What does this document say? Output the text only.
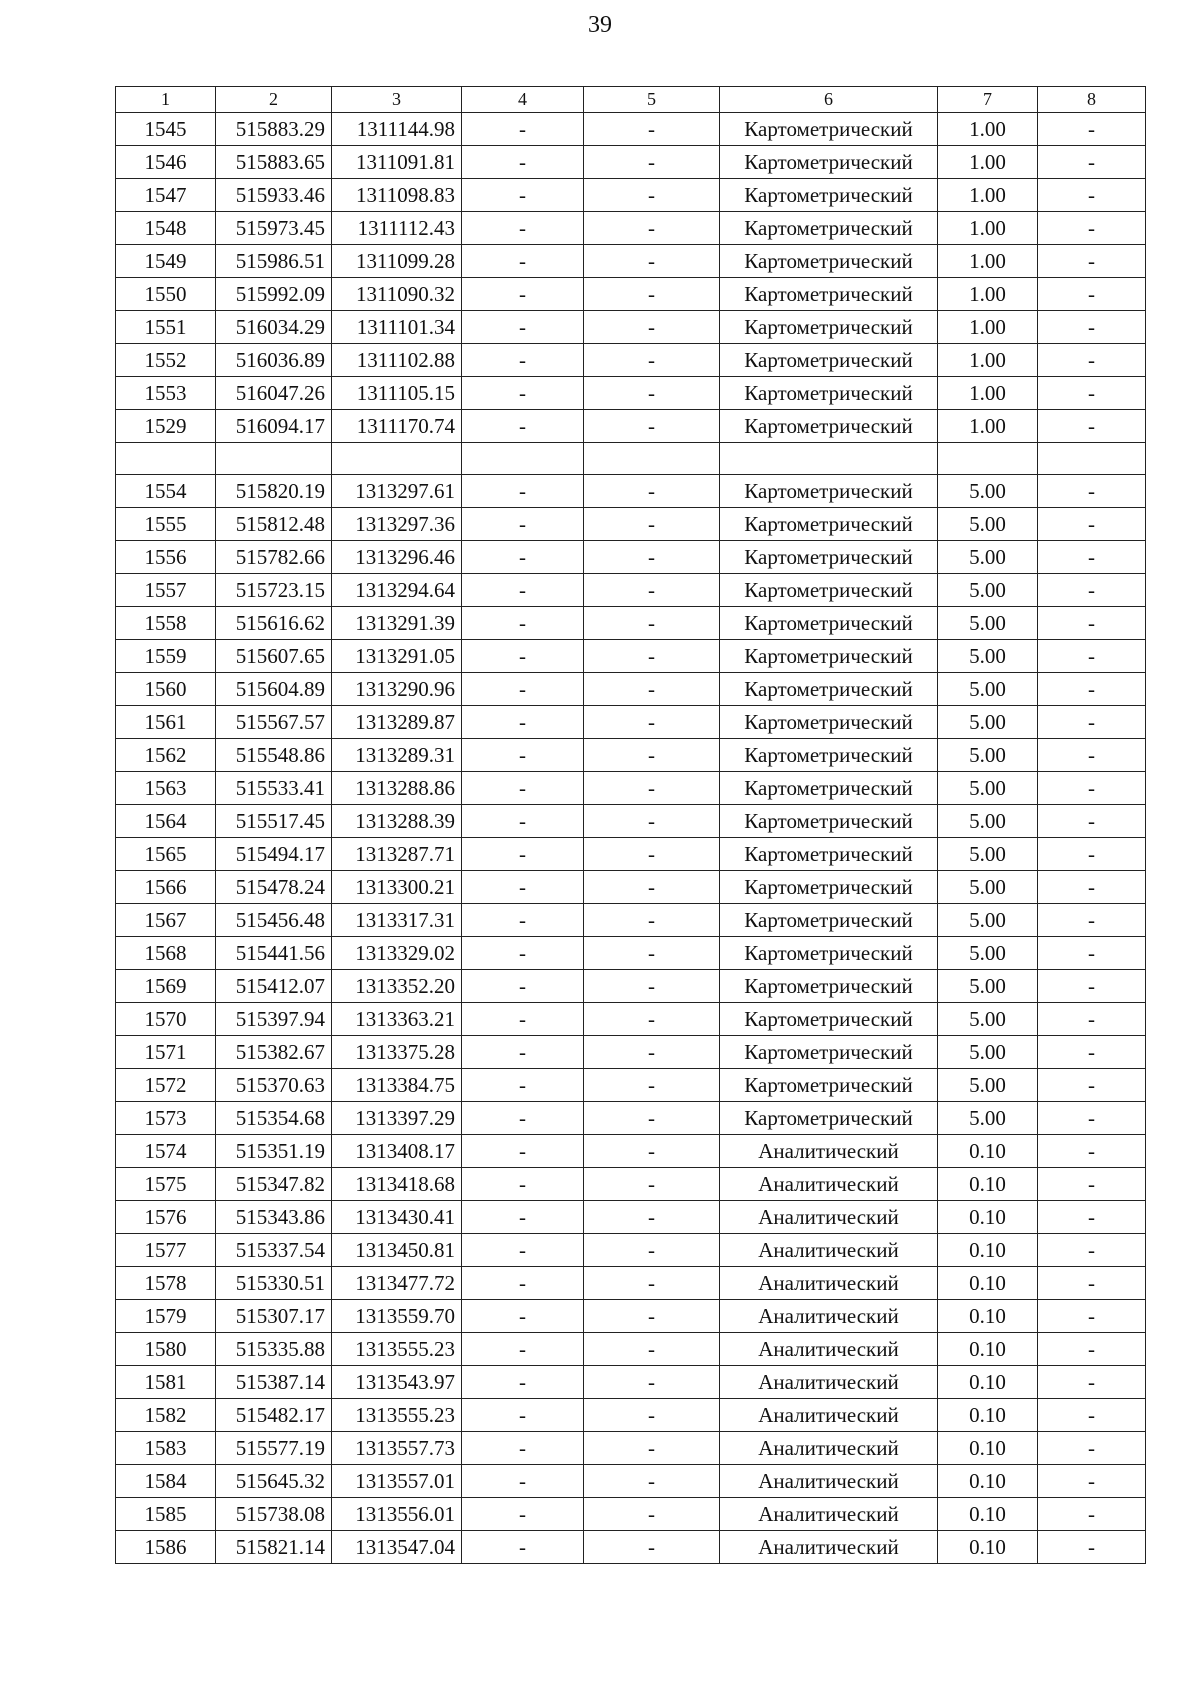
39
1	2	3	4	5	6	7	8
1545	515883.29	1311144.98	-	-	Картометрический	1.00	-
1546	515883.65	1311091.81	-	-	Картометрический	1.00	-
1547	515933.46	1311098.83	-	-	Картометрический	1.00	-
1548	515973.45	1311112.43	-	-	Картометрический	1.00	-
1549	515986.51	1311099.28	-	-	Картометрический	1.00	-
1550	515992.09	1311090.32	-	-	Картометрический	1.00	-
1551	516034.29	1311101.34	-	-	Картометрический	1.00	-
1552	516036.89	1311102.88	-	-	Картометрический	1.00	-
1553	516047.26	1311105.15	-	-	Картометрический	1.00	-
1529	516094.17	1311170.74	-	-	Картометрический	1.00	-

1554	515820.19	1313297.61	-	-	Картометрический	5.00	-
1555	515812.48	1313297.36	-	-	Картометрический	5.00	-
1556	515782.66	1313296.46	-	-	Картометрический	5.00	-
1557	515723.15	1313294.64	-	-	Картометрический	5.00	-
1558	515616.62	1313291.39	-	-	Картометрический	5.00	-
1559	515607.65	1313291.05	-	-	Картометрический	5.00	-
1560	515604.89	1313290.96	-	-	Картометрический	5.00	-
1561	515567.57	1313289.87	-	-	Картометрический	5.00	-
1562	515548.86	1313289.31	-	-	Картометрический	5.00	-
1563	515533.41	1313288.86	-	-	Картометрический	5.00	-
1564	515517.45	1313288.39	-	-	Картометрический	5.00	-
1565	515494.17	1313287.71	-	-	Картометрический	5.00	-
1566	515478.24	1313300.21	-	-	Картометрический	5.00	-
1567	515456.48	1313317.31	-	-	Картометрический	5.00	-
1568	515441.56	1313329.02	-	-	Картометрический	5.00	-
1569	515412.07	1313352.20	-	-	Картометрический	5.00	-
1570	515397.94	1313363.21	-	-	Картометрический	5.00	-
1571	515382.67	1313375.28	-	-	Картометрический	5.00	-
1572	515370.63	1313384.75	-	-	Картометрический	5.00	-
1573	515354.68	1313397.29	-	-	Картометрический	5.00	-
1574	515351.19	1313408.17	-	-	Аналитический	0.10	-
1575	515347.82	1313418.68	-	-	Аналитический	0.10	-
1576	515343.86	1313430.41	-	-	Аналитический	0.10	-
1577	515337.54	1313450.81	-	-	Аналитический	0.10	-
1578	515330.51	1313477.72	-	-	Аналитический	0.10	-
1579	515307.17	1313559.70	-	-	Аналитический	0.10	-
1580	515335.88	1313555.23	-	-	Аналитический	0.10	-
1581	515387.14	1313543.97	-	-	Аналитический	0.10	-
1582	515482.17	1313555.23	-	-	Аналитический	0.10	-
1583	515577.19	1313557.73	-	-	Аналитический	0.10	-
1584	515645.32	1313557.01	-	-	Аналитический	0.10	-
1585	515738.08	1313556.01	-	-	Аналитический	0.10	-
1586	515821.14	1313547.04	-	-	Аналитический	0.10	-
